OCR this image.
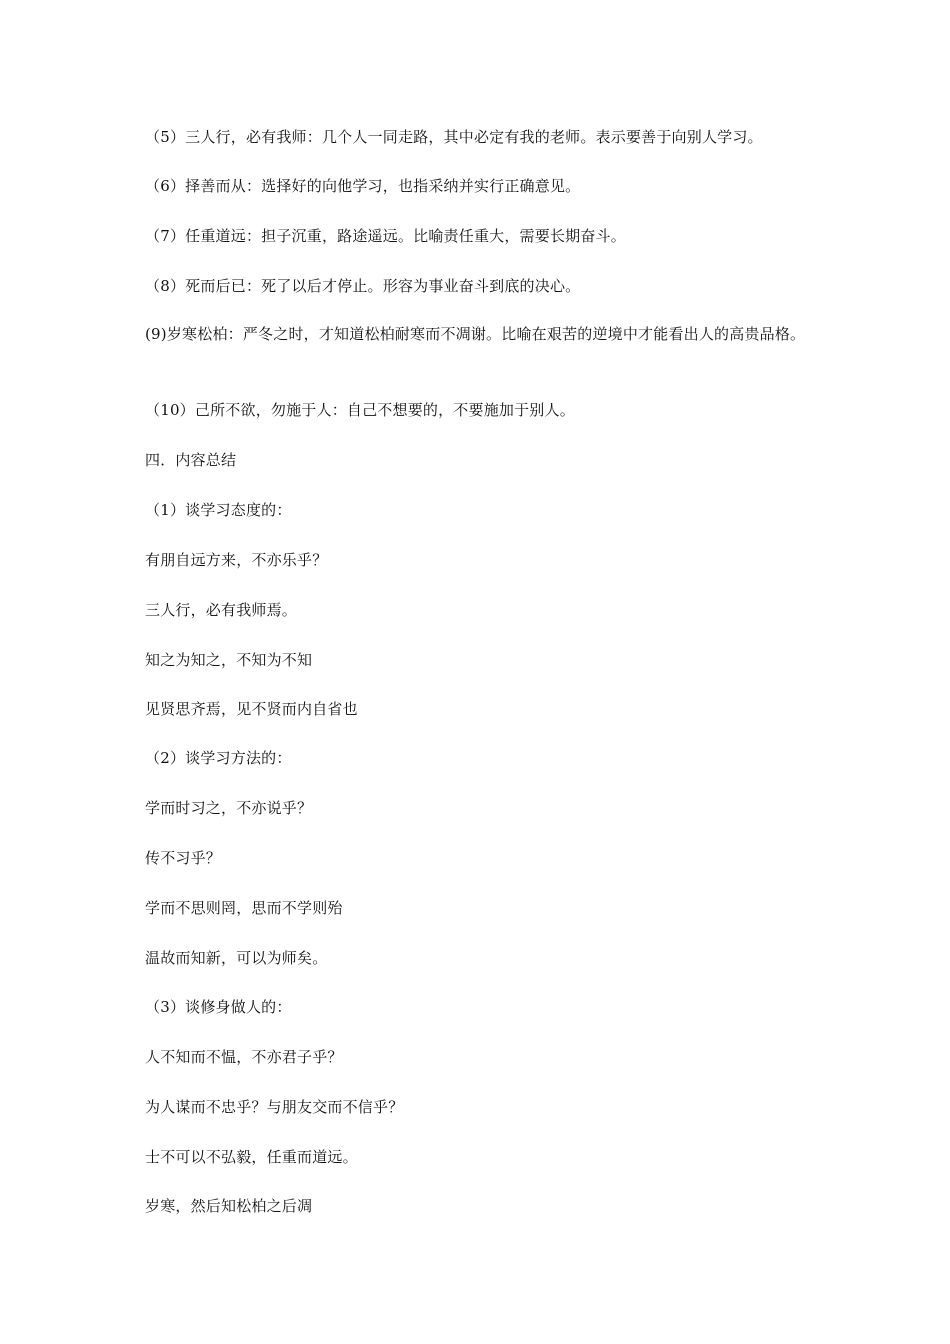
（5）三人行，必有我师：几个人一同走路，其中必定有我的老师。表示要善于向别人学习。
（6）择善而从：选择好的向他学习，也指采纳并实行正确意见。
（7）任重道远：担子沉重，路途遥远。比喻责任重大，需要长期奋斗。
（8）死而后已：死了以后才停止。形容为事业奋斗到底的决心。
(9)岁寒松柏：严冬之时，才知道松柏耐寒而不凋谢。比喻在艰苦的逆境中才能看出人的高贵品格。
（10）己所不欲，勿施于人：自己不想要的，不要施加于别人。
四．内容总结
（1）谈学习态度的：
有朋自远方来，不亦乐乎？
三人行，必有我师焉。
知之为知之，不知为不知
见贤思齐焉，见不贤而内自省也
（2）谈学习方法的：
学而时习之，不亦说乎？
传不习乎？
学而不思则罔，思而不学则殆
温故而知新，可以为师矣。
（3）谈修身做人的：
人不知而不愠，不亦君子乎？
为人谋而不忠乎？与朋友交而不信乎？
士不可以不弘毅，任重而道远。
岁寒，然后知松柏之后凋
